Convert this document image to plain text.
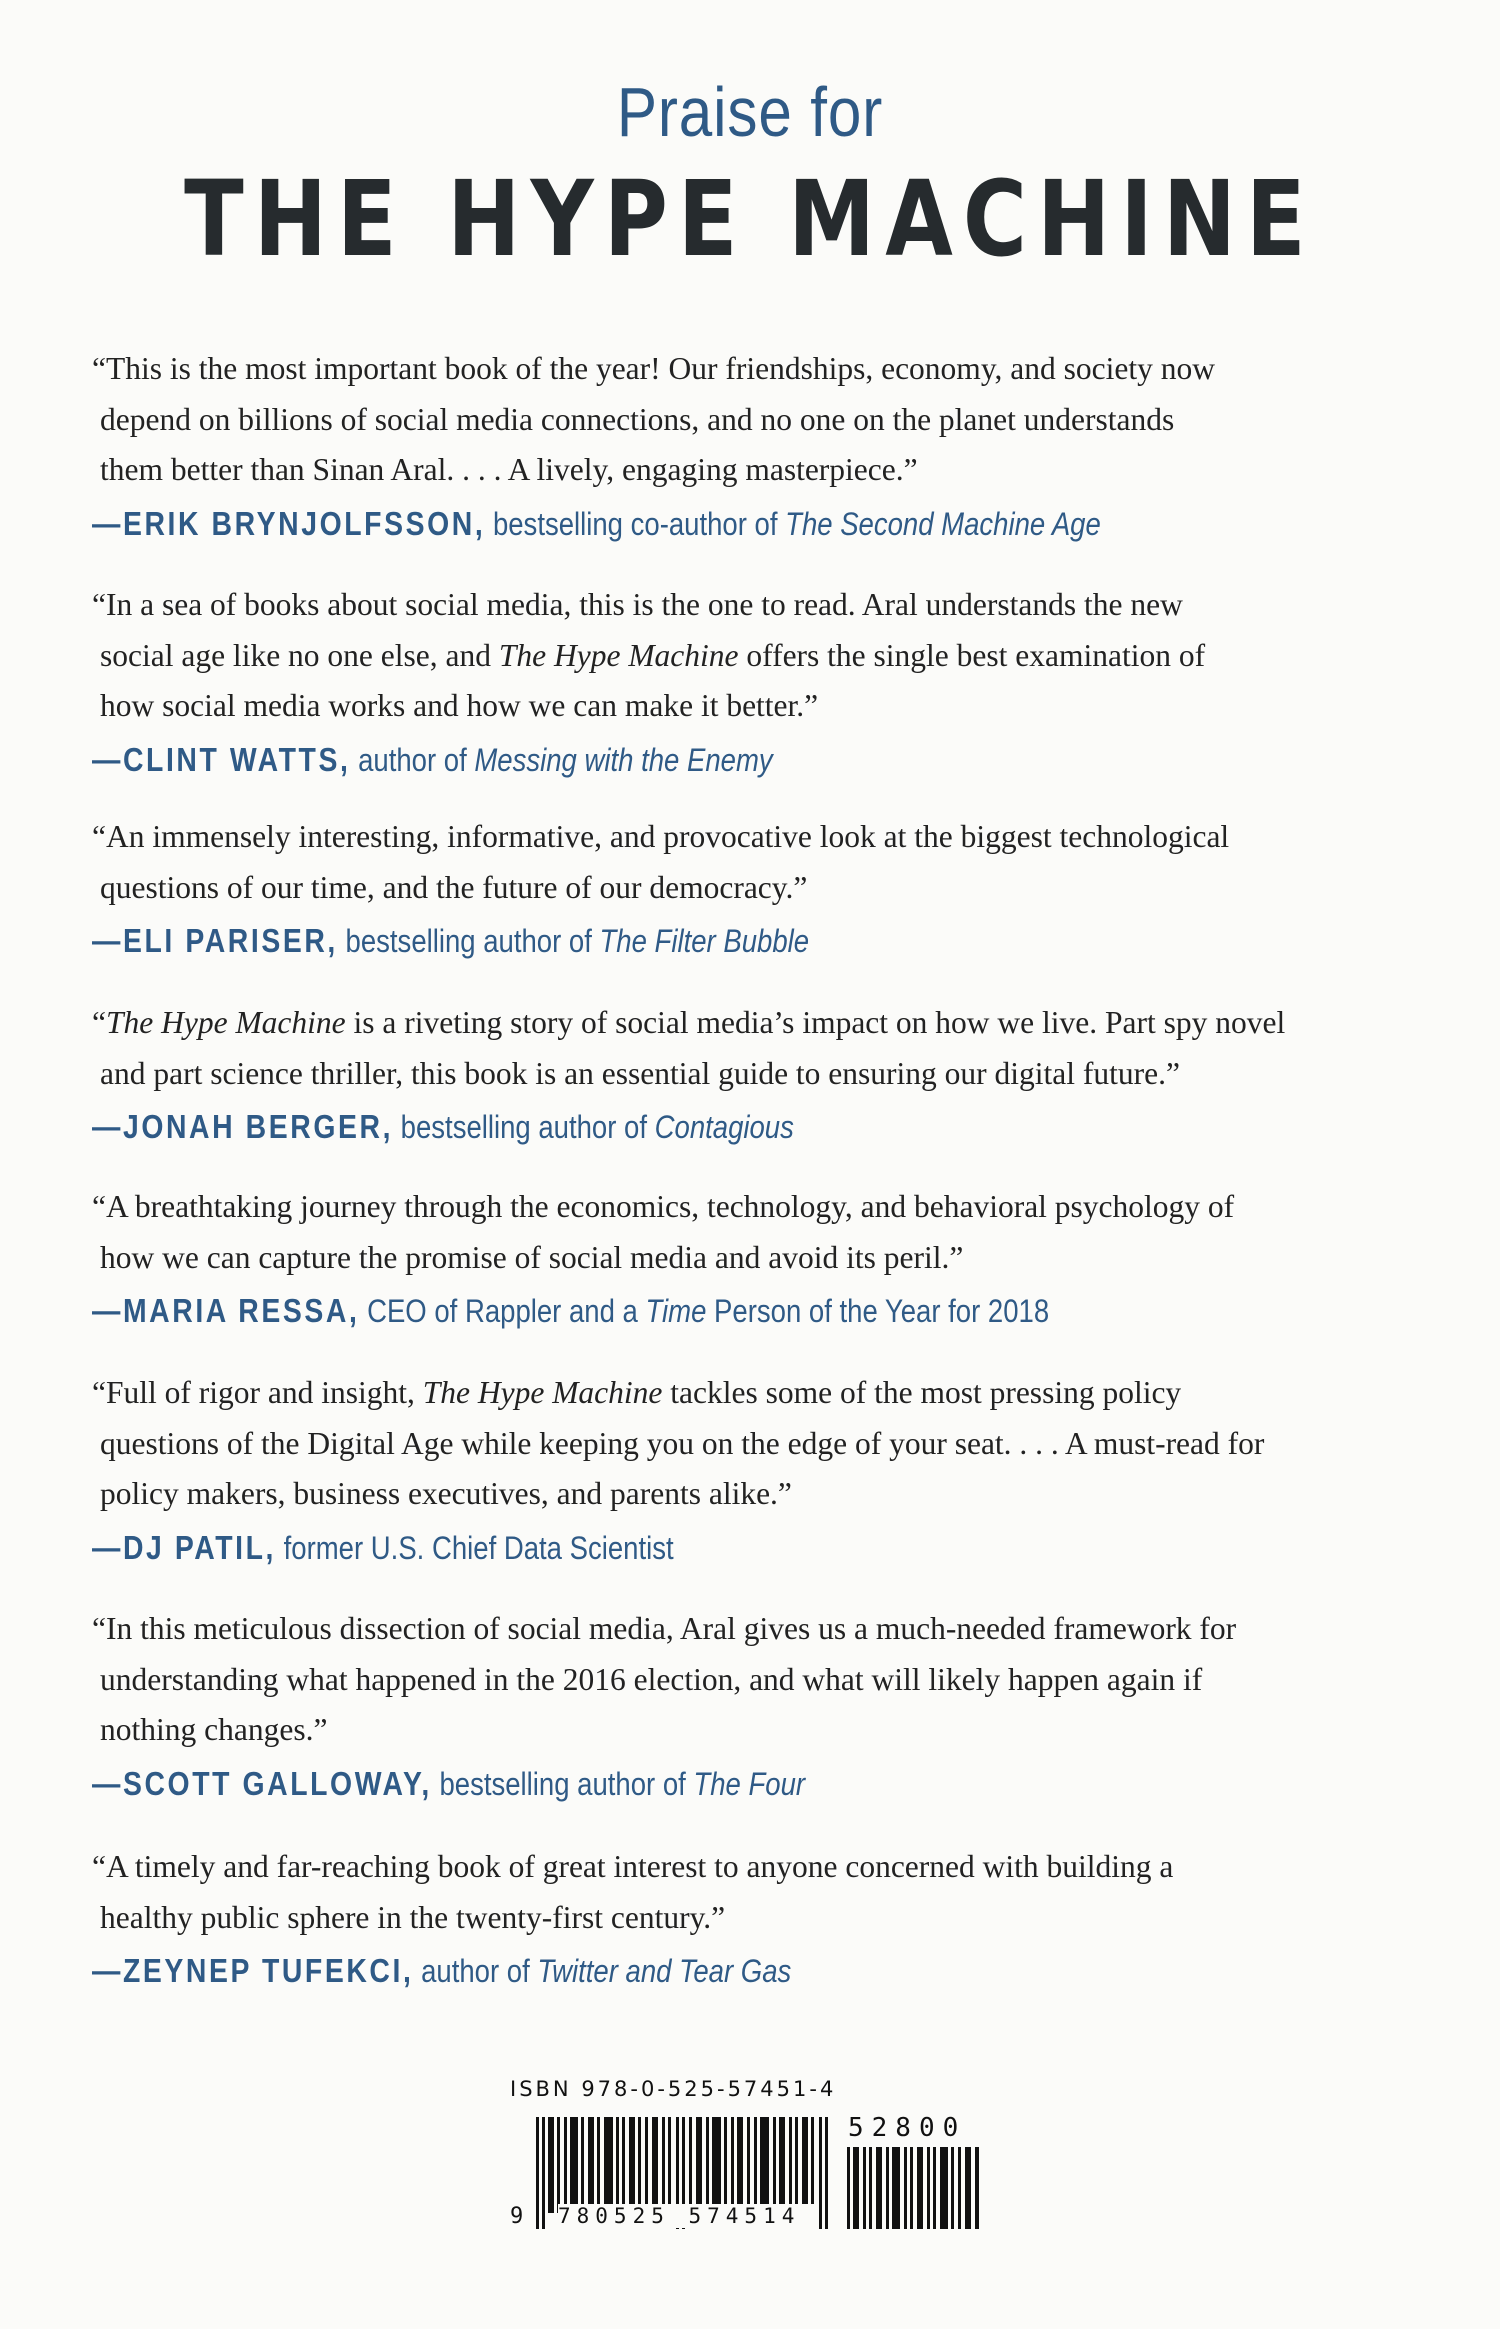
Praise for
THE HYPE MACHINE
“This is the most important book of the year! Our friendships, economy, and society now
depend on billions of social media connections, and no one on the planet understands
them better than Sinan Aral. . . . A lively, engaging masterpiece.”
—ERIK BRYNJOLFSSON, bestselling co-author of The Second Machine Age
“In a sea of books about social media, this is the one to read. Aral understands the new
social age like no one else, and The Hype Machine offers the single best examination of
how social media works and how we can make it better.”
—CLINT WATTS, author of Messing with the Enemy
“An immensely interesting, informative, and provocative look at the biggest technological
questions of our time, and the future of our democracy.”
—ELI PARISER, bestselling author of The Filter Bubble
“The Hype Machine is a riveting story of social media’s impact on how we live. Part spy novel
and part science thriller, this book is an essential guide to ensuring our digital future.”
—JONAH BERGER, bestselling author of Contagious
“A breathtaking journey through the economics, technology, and behavioral psychology of
how we can capture the promise of social media and avoid its peril.”
—MARIA RESSA, CEO of Rappler and a Time Person of the Year for 2018
“Full of rigor and insight, The Hype Machine tackles some of the most pressing policy
questions of the Digital Age while keeping you on the edge of your seat. . . . A must-read for
policy makers, business executives, and parents alike.”
—DJ PATIL, former U.S. Chief Data Scientist
“In this meticulous dissection of social media, Aral gives us a much-needed framework for
understanding what happened in the 2016 election, and what will likely happen again if
nothing changes.”
—SCOTT GALLOWAY, bestselling author of The Four
“A timely and far-reaching book of great interest to anyone concerned with building a
healthy public sphere in the twenty-first century.”
—ZEYNEP TUFEKCI, author of Twitter and Tear Gas
ISBN 978-0-525-57451-4
9 780525 574514
52800
